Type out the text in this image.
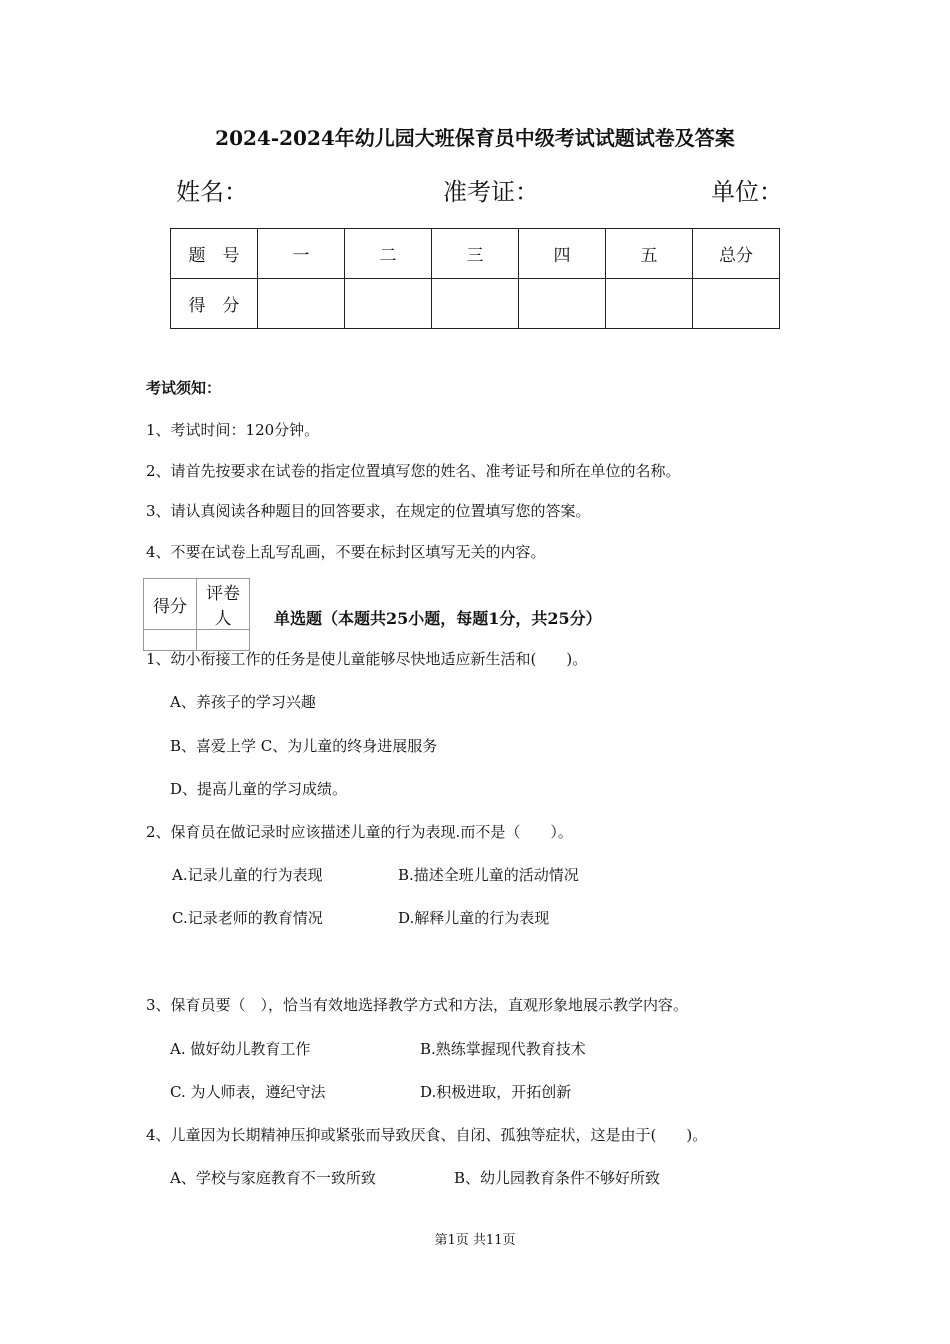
2024-2024年幼儿园大班保育员中级考试试题试卷及答案
姓名：	准考证：	单位：
题　号	一	二	三	四	五	总分
得　分						
考试须知：
1、考试时间：120分钟。
2、请首先按要求在试卷的指定位置填写您的姓名、准考证号和所在单位的名称。
3、请认真阅读各种题目的回答要求，在规定的位置填写您的答案。
4、不要在试卷上乱写乱画，不要在标封区填写无关的内容。
得分	评卷人
		单选题（本题共25小题，每题1分，共25分）
1、幼小衔接工作的任务是使儿童能够尽快地适应新生活和(　　)。
A、养孩子的学习兴趣
B、喜爱上学 C、为儿童的终身进展服务
D、提高儿童的学习成绩。
2、保育员在做记录时应该描述儿童的行为表现.而不是（　　）。
A.记录儿童的行为表现	B.描述全班儿童的活动情况
C.记录老师的教育情况	D.解释儿童的行为表现
3、保育员要（　），恰当有效地选择教学方式和方法，直观形象地展示教学内容。
A. 做好幼儿教育工作	B.熟练掌握现代教育技术
C. 为人师表，遵纪守法	D.积极进取，开拓创新
4、儿童因为长期精神压抑或紧张而导致厌食、自闭、孤独等症状，这是由于(　　)。
A、学校与家庭教育不一致所致	B、幼儿园教育条件不够好所致
第1页 共11页
